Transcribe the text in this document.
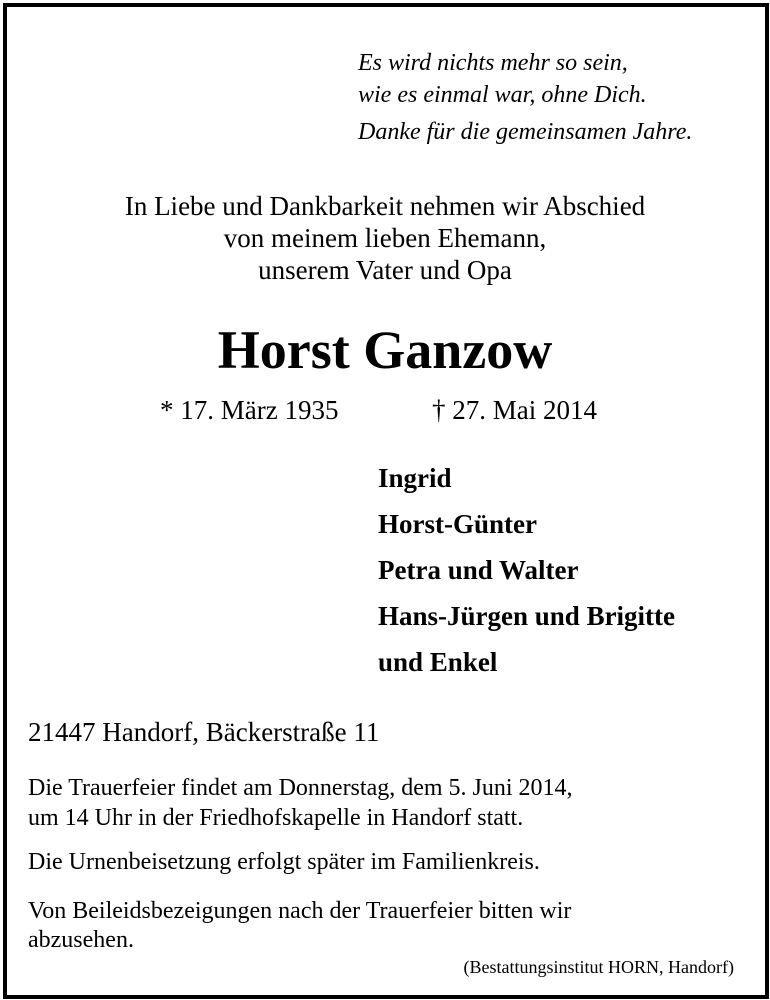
Es wird nichts mehr so sein,
wie es einmal war, ohne Dich.
Danke für die gemeinsamen Jahre.
In Liebe und Dankbarkeit nehmen wir Abschied
von meinem lieben Ehemann,
unserem Vater und Opa
Horst Ganzow
* 17. März 1935	† 27. Mai 2014
Ingrid
Horst-Günter
Petra und Walter
Hans-Jürgen und Brigitte
und Enkel
21447 Handorf, Bäckerstraße 11
Die Trauerfeier findet am Donnerstag, dem 5. Juni 2014,
um 14 Uhr in der Friedhofskapelle in Handorf statt.
Die Urnenbeisetzung erfolgt später im Familienkreis.
Von Beileidsbezeigungen nach der Trauerfeier bitten wir
abzusehen.
(Bestattungsinstitut HORN, Handorf)
